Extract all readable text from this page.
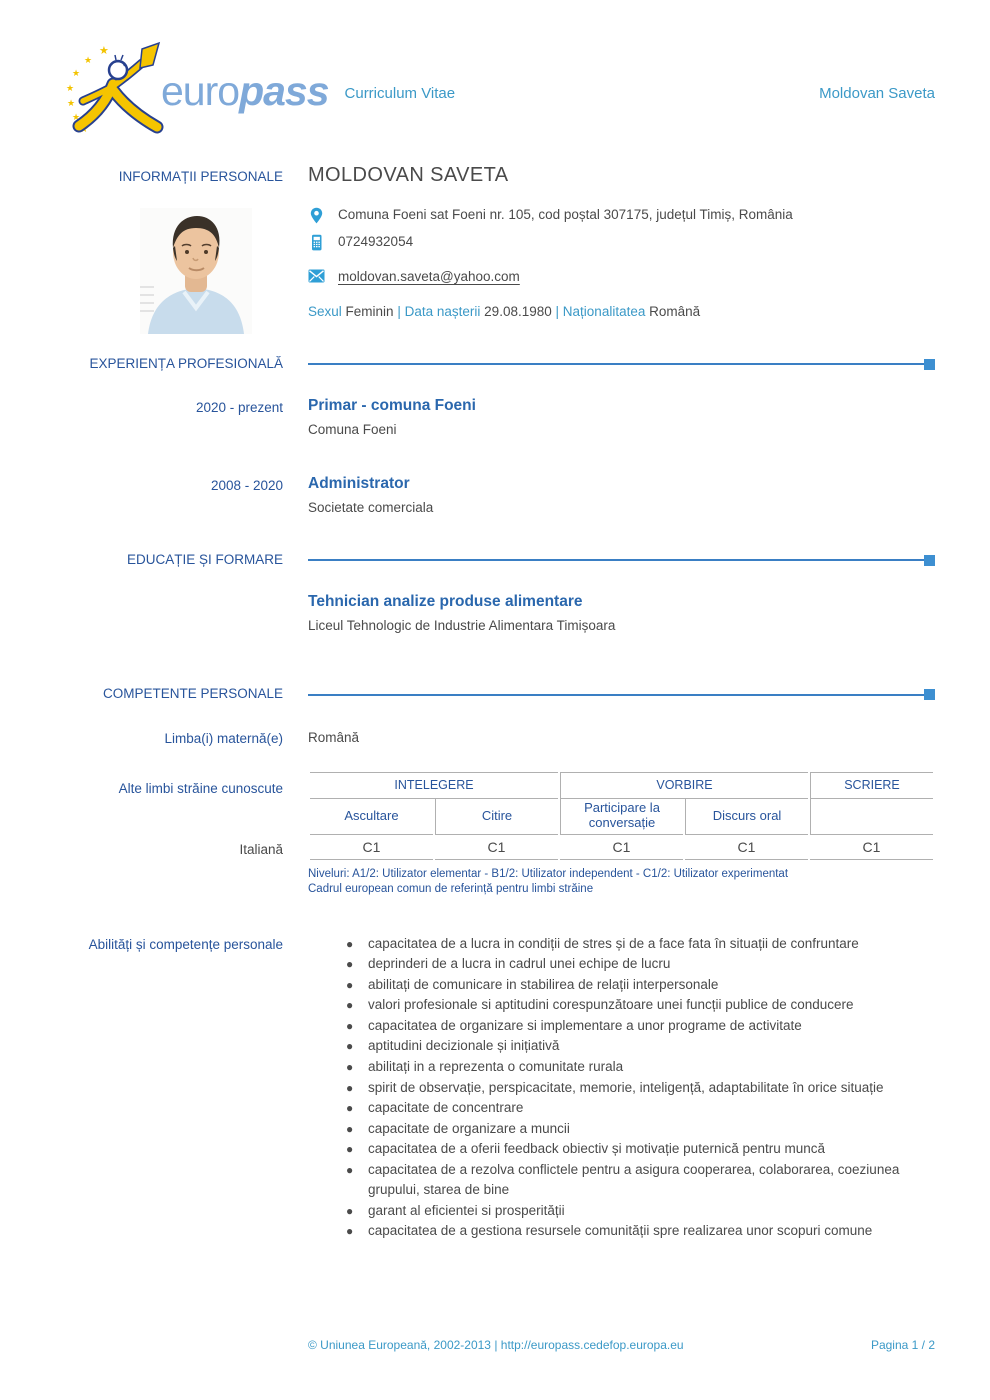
★
★
★
★
★
★
★
europass Curriculum Vitae	Moldovan Saveta
INFORMAȚII PERSONALE MOLDOVAN SAVETA
Comuna Foeni sat Foeni nr. 105, cod poștal 307175, județul Timiș, România
0724932054
moldovan.saveta@yahoo.com
Sexul Feminin | Data nașterii 29.08.1980 | Naționalitatea Română
EXPERIENȚA PROFESIONALĂ
2020 - prezent Primar - comuna Foeni
Comuna Foeni
2008 - 2020 Administrator
Societate comerciala
EDUCAȚIE ȘI FORMARE
Tehnician analize produse alimentare
Liceul Tehnologic de Industrie Alimentara Timișoara
COMPETENTE PERSONALE
Limba(i) maternă(e) Română
Alte limbi străine cunoscute
Italiană
INTELEGERE		VORBIRE		SCRIERE
Ascultare	Citire	Participare la conversație	Discurs oral	
C1	C1	C1	C1	C1
Niveluri: A1/2: Utilizator elementar - B1/2: Utilizator independent - C1/2: Utilizator experimentat
Cadrul european comun de referință pentru limbi străine
Abilități și competențe personale	●	capacitatea de a lucra in condiții de stres și de a face fata în situații de confruntare
●	deprinderi de a lucra in cadrul unei echipe de lucru
●	abilitați de comunicare in stabilirea de relații interpersonale
●	valori profesionale si aptitudini corespunzătoare unei funcții publice de conducere
●	capacitatea de organizare si implementare a unor programe de activitate
●	aptitudini decizionale și inițiativă
●	abilitați in a reprezenta o comunitate rurala
●	spirit de observație, perspicacitate, memorie, inteligență, adaptabilitate în orice situație
●	capacitate de concentrare
●	capacitate de organizare a muncii
●	capacitatea de a oferii feedback obiectiv și motivație puternică pentru muncă
●	capacitatea de a rezolva conflictele pentru a asigura cooperarea, colaborarea, coeziunea grupului, starea de bine
●	garant al eficientei si prosperității
●	capacitatea de a gestiona resursele comunității spre realizarea unor scopuri comune
© Uniunea Europeană, 2002-2013 | http://europass.cedefop.europa.eu	Pagina 1 / 2
